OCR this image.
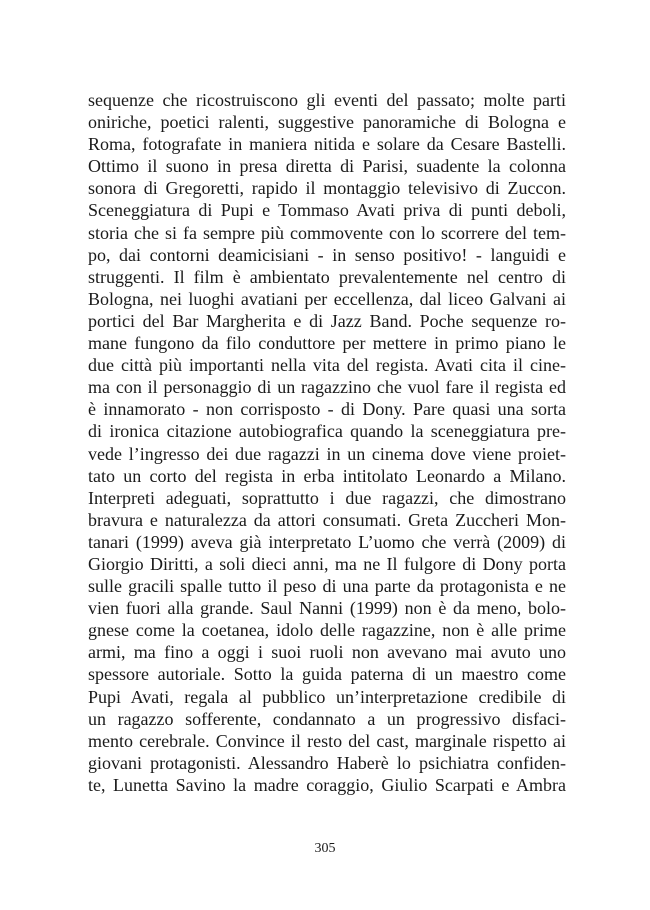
sequenze che ricostruiscono gli eventi del passato; molte parti
oniriche, poetici ralenti, suggestive panoramiche di Bologna e
Roma, fotografate in maniera nitida e solare da Cesare Bastelli.
Ottimo il suono in presa diretta di Parisi, suadente la colonna
sonora di Gregoretti, rapido il montaggio televisivo di Zuccon.
Sceneggiatura di Pupi e Tommaso Avati priva di punti deboli,
storia che si fa sempre più commovente con lo scorrere del tem-
po, dai contorni deamicisiani - in senso positivo! - languidi e
struggenti. Il film è ambientato prevalentemente nel centro di
Bologna, nei luoghi avatiani per eccellenza, dal liceo Galvani ai
portici del Bar Margherita e di Jazz Band. Poche sequenze ro-
mane fungono da filo conduttore per mettere in primo piano le
due città più importanti nella vita del regista. Avati cita il cine-
ma con il personaggio di un ragazzino che vuol fare il regista ed
è innamorato - non corrisposto - di Dony. Pare quasi una sorta
di ironica citazione autobiografica quando la sceneggiatura pre-
vede l’ingresso dei due ragazzi in un cinema dove viene proiet-
tato un corto del regista in erba intitolato Leonardo a Milano.
Interpreti adeguati, soprattutto i due ragazzi, che dimostrano
bravura e naturalezza da attori consumati. Greta Zuccheri Mon-
tanari (1999) aveva già interpretato L’uomo che verrà (2009) di
Giorgio Diritti, a soli dieci anni, ma ne Il fulgore di Dony porta
sulle gracili spalle tutto il peso di una parte da protagonista e ne
vien fuori alla grande. Saul Nanni (1999) non è da meno, bolo-
gnese come la coetanea, idolo delle ragazzine, non è alle prime
armi, ma fino a oggi i suoi ruoli non avevano mai avuto uno
spessore autoriale. Sotto la guida paterna di un maestro come
Pupi Avati, regala al pubblico un’interpretazione credibile di
un ragazzo sofferente, condannato a un progressivo disfaci-
mento cerebrale. Convince il resto del cast, marginale rispetto ai
giovani protagonisti. Alessandro Haberè lo psichiatra confiden-
te, Lunetta Savino la madre coraggio, Giulio Scarpati e Ambra
305
